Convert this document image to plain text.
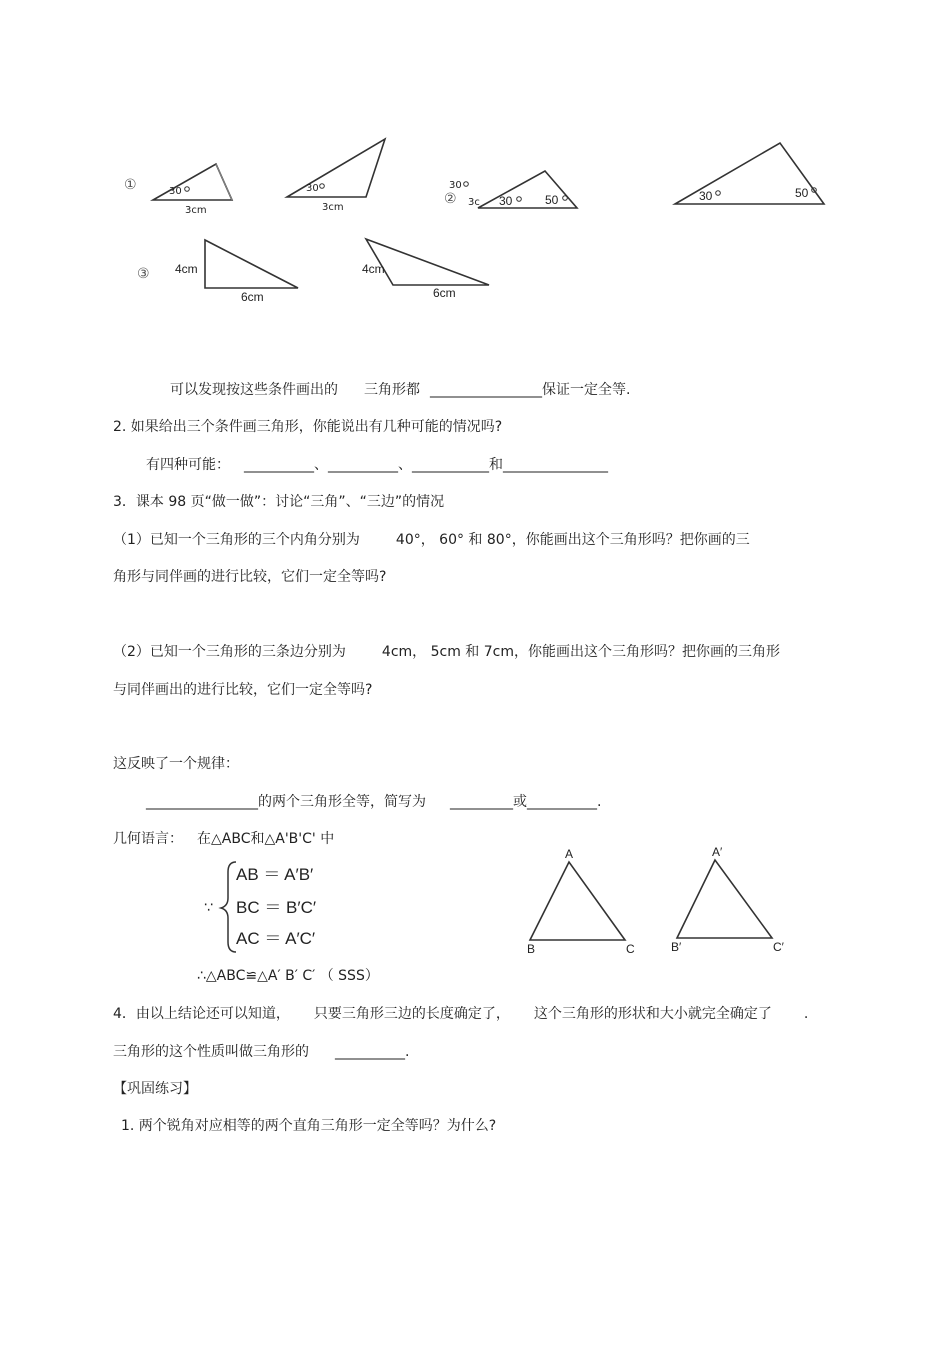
①	30
3cm
30
3cm
30
② 3c 30	50	30	50
③ 4cm
6cm
4cm
6cm
可以发现按这些条件画出的 三角形都 ________________保证一定全等.
2. 如果给出三个条件画三角形，你能说出有几种可能的情况吗?
有四种可能： __________、__________、___________和_______________
3．课本 98 页“做一做”：讨论“三角”、“三边”的情况
（1）已知一个三角形的三个内角分别为	40°， 60° 和 80°，你能画出这个三角形吗？把你画的三
角形与同伴画的进行比较，它们一定全等吗?
（2）已知一个三角形的三条边分别为	4cm， 5cm 和 7cm，你能画出这个三角形吗？把你画的三角形
与同伴画出的进行比较，它们一定全等吗?
这反映了一个规律：
________________的两个三角形全等，简写为 _________或__________.
几何语言： 在△ABC和△A'B'C' 中
∵
AB ＝ A′B′
BC ＝ B′C′
AC ＝ A′C′
∴△ABC≌△A′ B′ C′ （ SSS）
A
B	C
A′
B′	C′
4．由以上结论还可以知道， 只要三角形三边的长度确定了， 这个三角形的形状和大小就完全确定了 .
三角形的这个性质叫做三角形的 __________.
【巩固练习】
1. 两个锐角对应相等的两个直角三角形一定全等吗？为什么?
